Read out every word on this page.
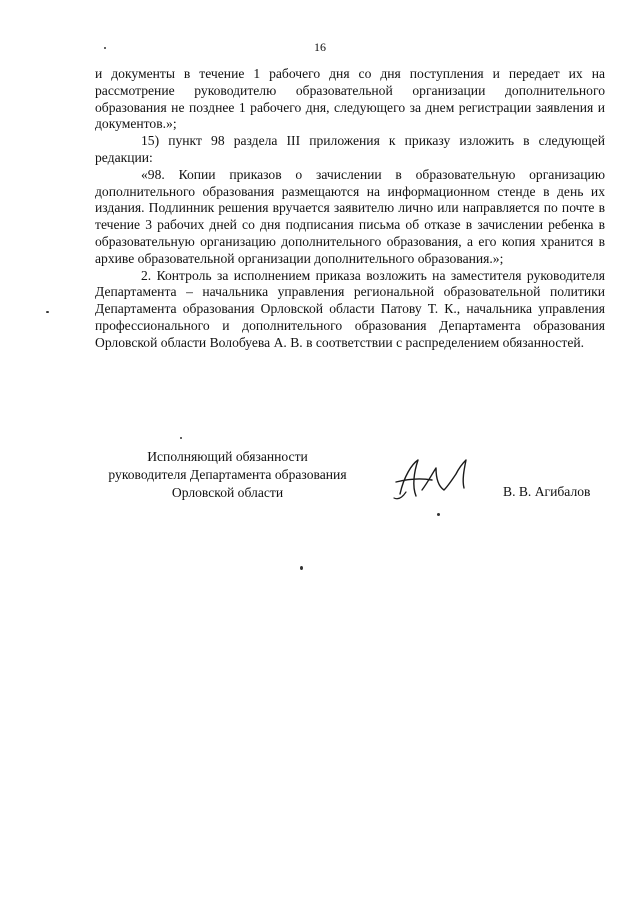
16

и документы в течение 1 рабочего дня со дня поступления и передает их на рассмотрение руководителю образовательной организации дополнительного образования не позднее 1 рабочего дня, следующего за днем регистрации заявления и документов.»;

15) пункт 98 раздела III приложения к приказу изложить в следующей редакции:

«98. Копии приказов о зачислении в образовательную организацию дополнительного образования размещаются на информационном стенде в день их издания. Подлинник решения вручается заявителю лично или направляется по почте в течение 3 рабочих дней со дня подписания письма об отказе в зачислении ребенка в образовательную организацию дополнительного образования, а его копия хранится в архиве образовательной организации дополнительного образования.»;

2. Контроль за исполнением приказа возложить на заместителя руководителя Департамента – начальника управления региональной образовательной политики Департамента образования Орловской области Патову Т. К., начальника управления профессионального и дополнительного образования Департамента образования Орловской области Волобуева А. В. в соответствии с распределением обязанностей.

Исполняющий обязанности
руководителя Департамента образования
Орловской области	В. В. Агибалов
